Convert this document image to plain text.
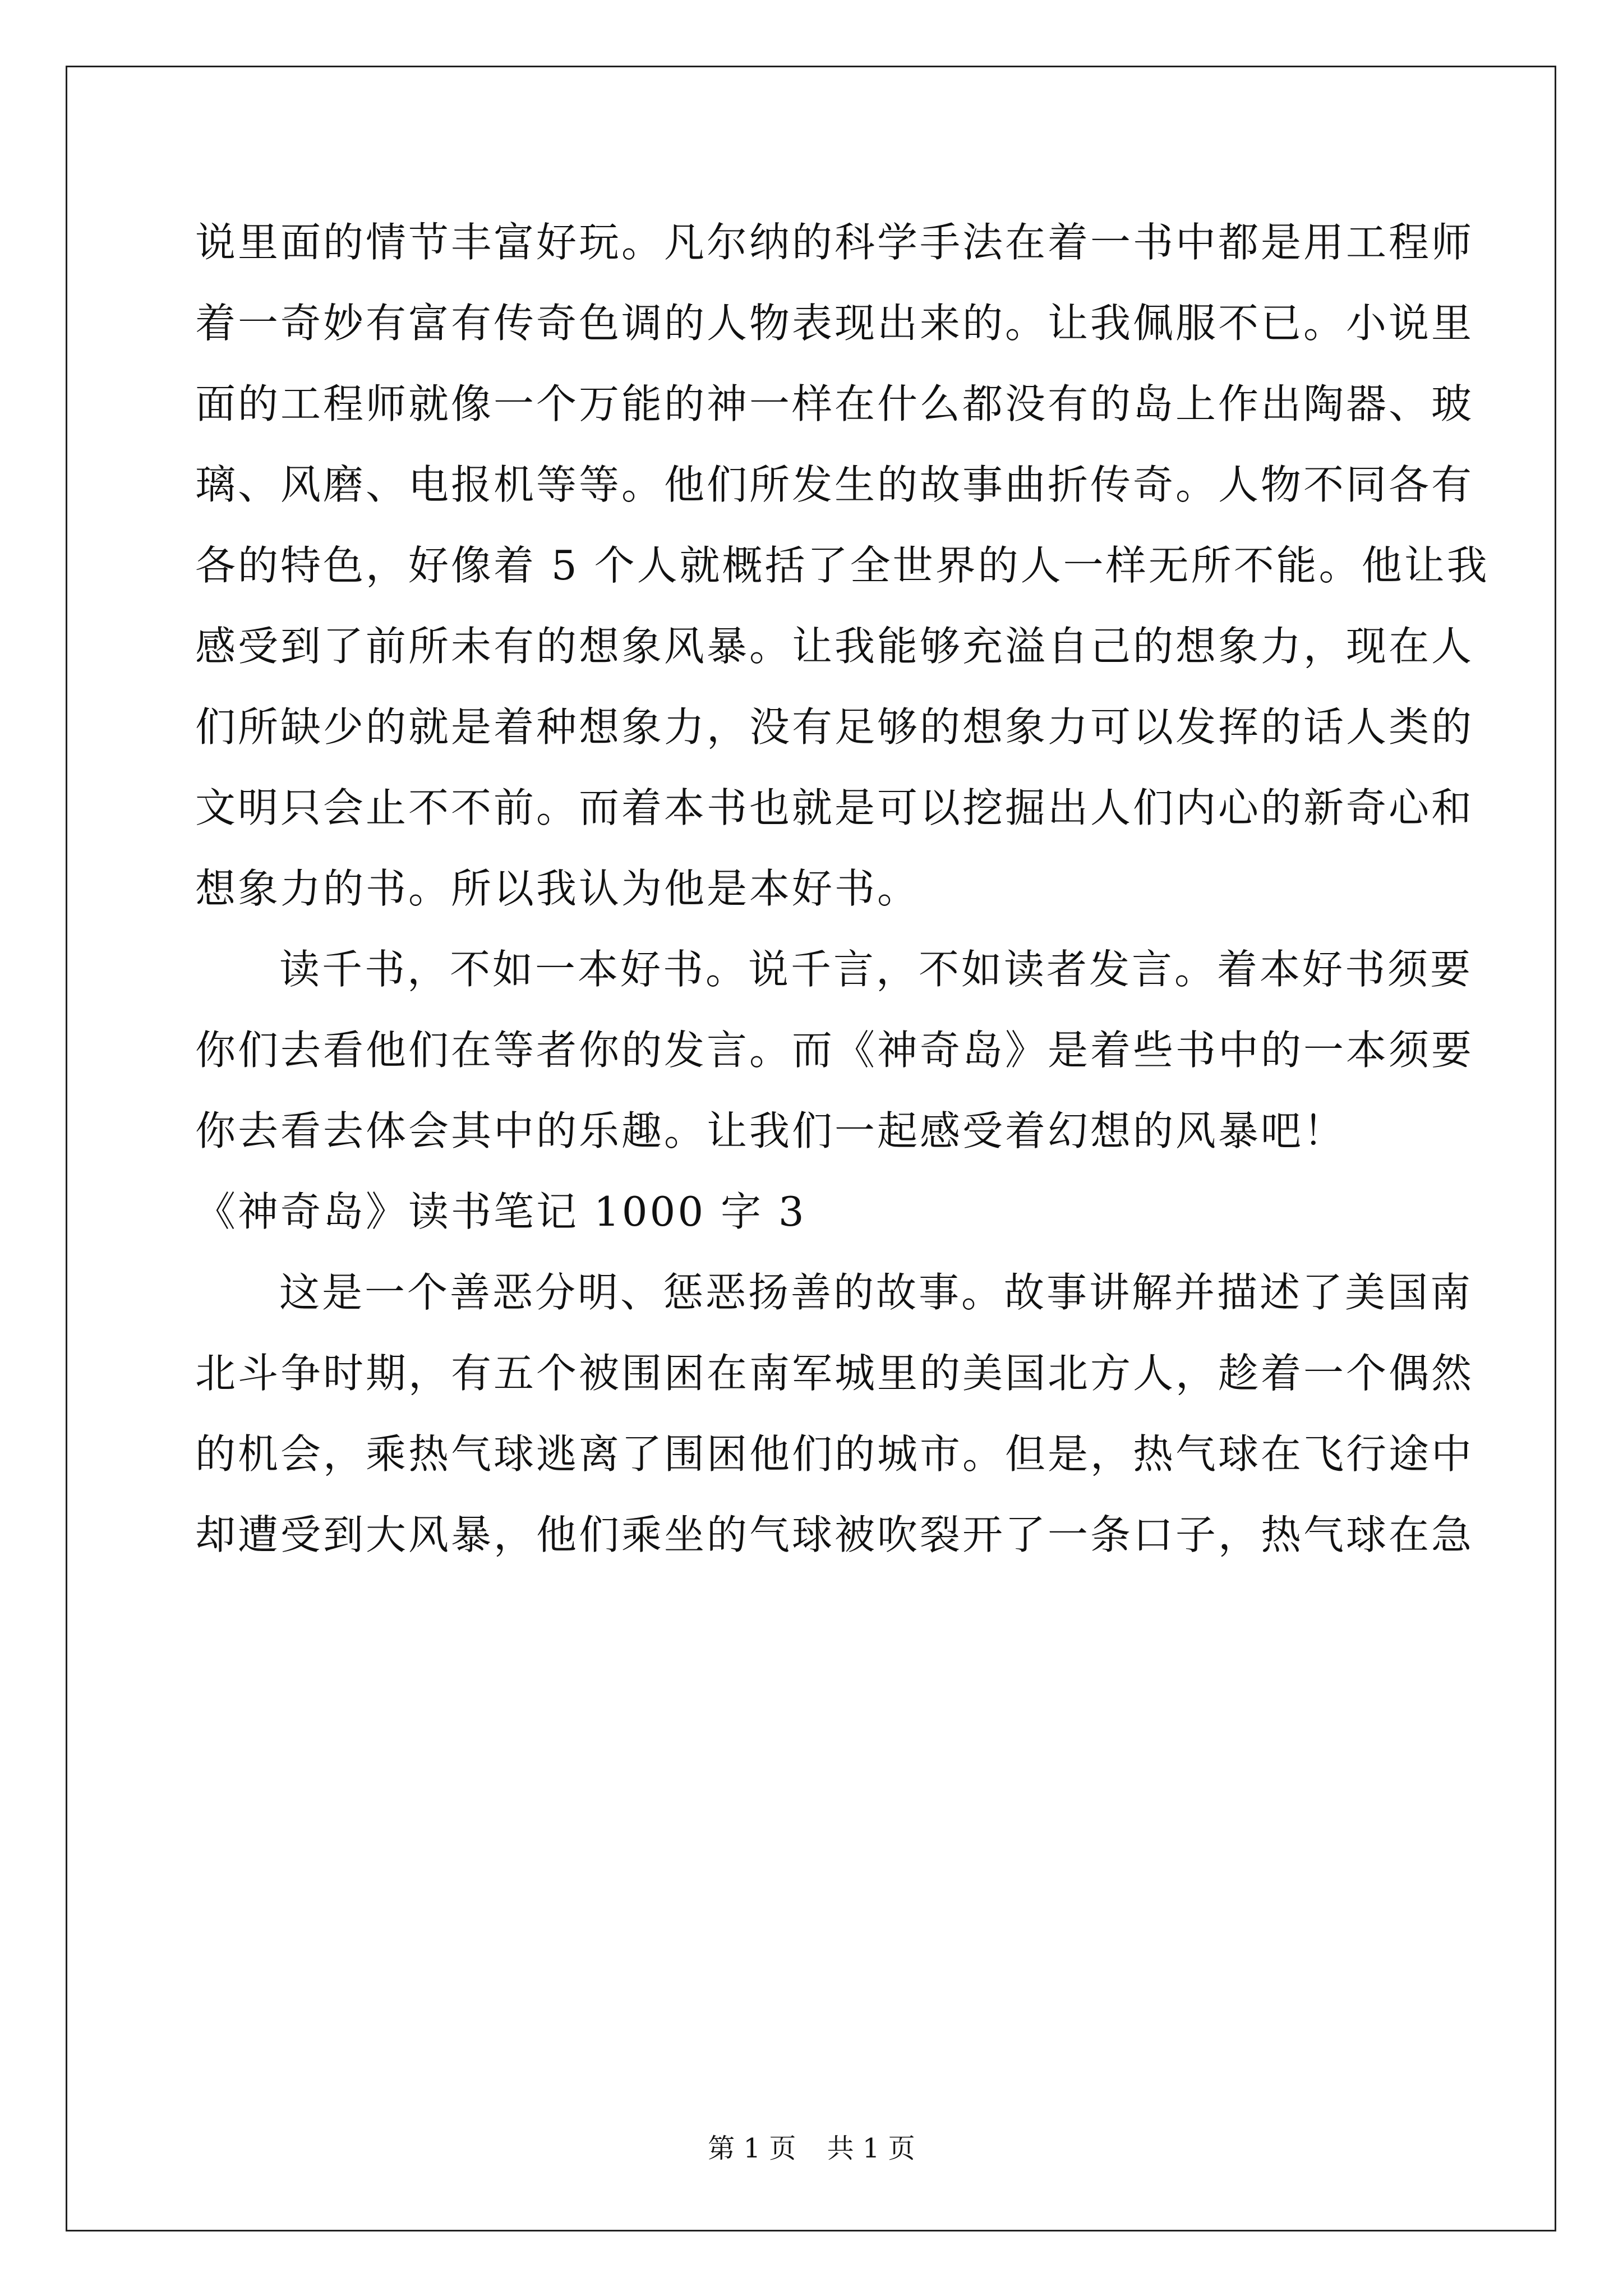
说里面的情节丰富好玩。凡尔纳的科学手法在着一书中都是用工程师
着一奇妙有富有传奇色调的人物表现出来的。让我佩服不已。小说里
面的工程师就像一个万能的神一样在什么都没有的岛上作出陶器、玻
璃、风磨、电报机等等。他们所发生的故事曲折传奇。人物不同各有
各的特色，好像着 5 个人就概括了全世界的人一样无所不能。他让我
感受到了前所未有的想象风暴。让我能够充溢自己的想象力，现在人
们所缺少的就是着种想象力，没有足够的想象力可以发挥的话人类的
文明只会止不不前。而着本书也就是可以挖掘出人们内心的新奇心和
想象力的书。所以我认为他是本好书。
读千书，不如一本好书。说千言，不如读者发言。着本好书须要
你们去看他们在等者你的发言。而《神奇岛》是着些书中的一本须要
你去看去体会其中的乐趣。让我们一起感受着幻想的风暴吧！
《神奇岛》读书笔记 1000 字 3
这是一个善恶分明、惩恶扬善的故事。故事讲解并描述了美国南
北斗争时期，有五个被围困在南军城里的美国北方人，趁着一个偶然
的机会，乘热气球逃离了围困他们的城市。但是，热气球在飞行途中
却遭受到大风暴，他们乘坐的气球被吹裂开了一条口子，热气球在急
第 1 页 共 1 页
